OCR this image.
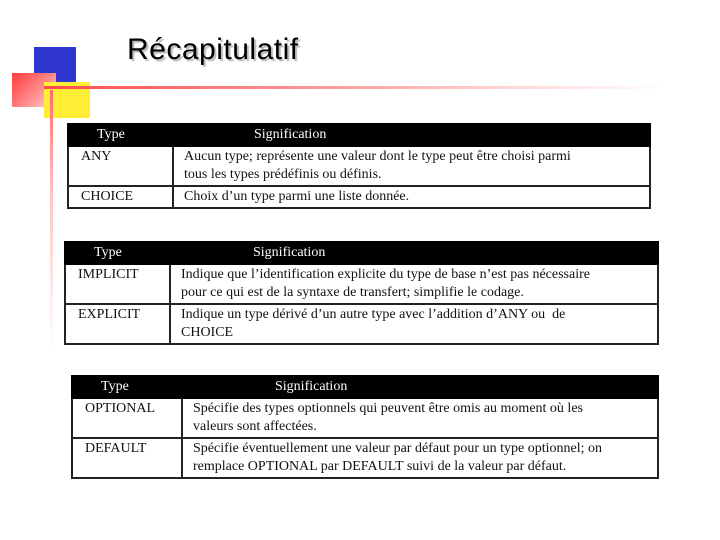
Récapitulatif
Type	Signification
ANY	Aucun type; représente une valeur dont le type peut être choisi parmi
tous les types prédéfinis ou définis.

CHOICE	Choix d’un type parmi une liste donnée.
Type	Signification
IMPLICIT	Indique que l’identification explicite du type de base n’est pas nécessaire
pour ce qui est de la syntaxe de transfert; simplifie le codage.

EXPLICIT	Indique un type dérivé d’un autre type avec l’addition d’ANY ou  de
CHOICE
Type	Signification
OPTIONAL	Spécifie des types optionnels qui peuvent être omis au moment où les
valeurs sont affectées.

DEFAULT	Spécifie éventuellement une valeur par défaut pour un type optionnel; on
remplace OPTIONAL par DEFAULT suivi de la valeur par défaut.
